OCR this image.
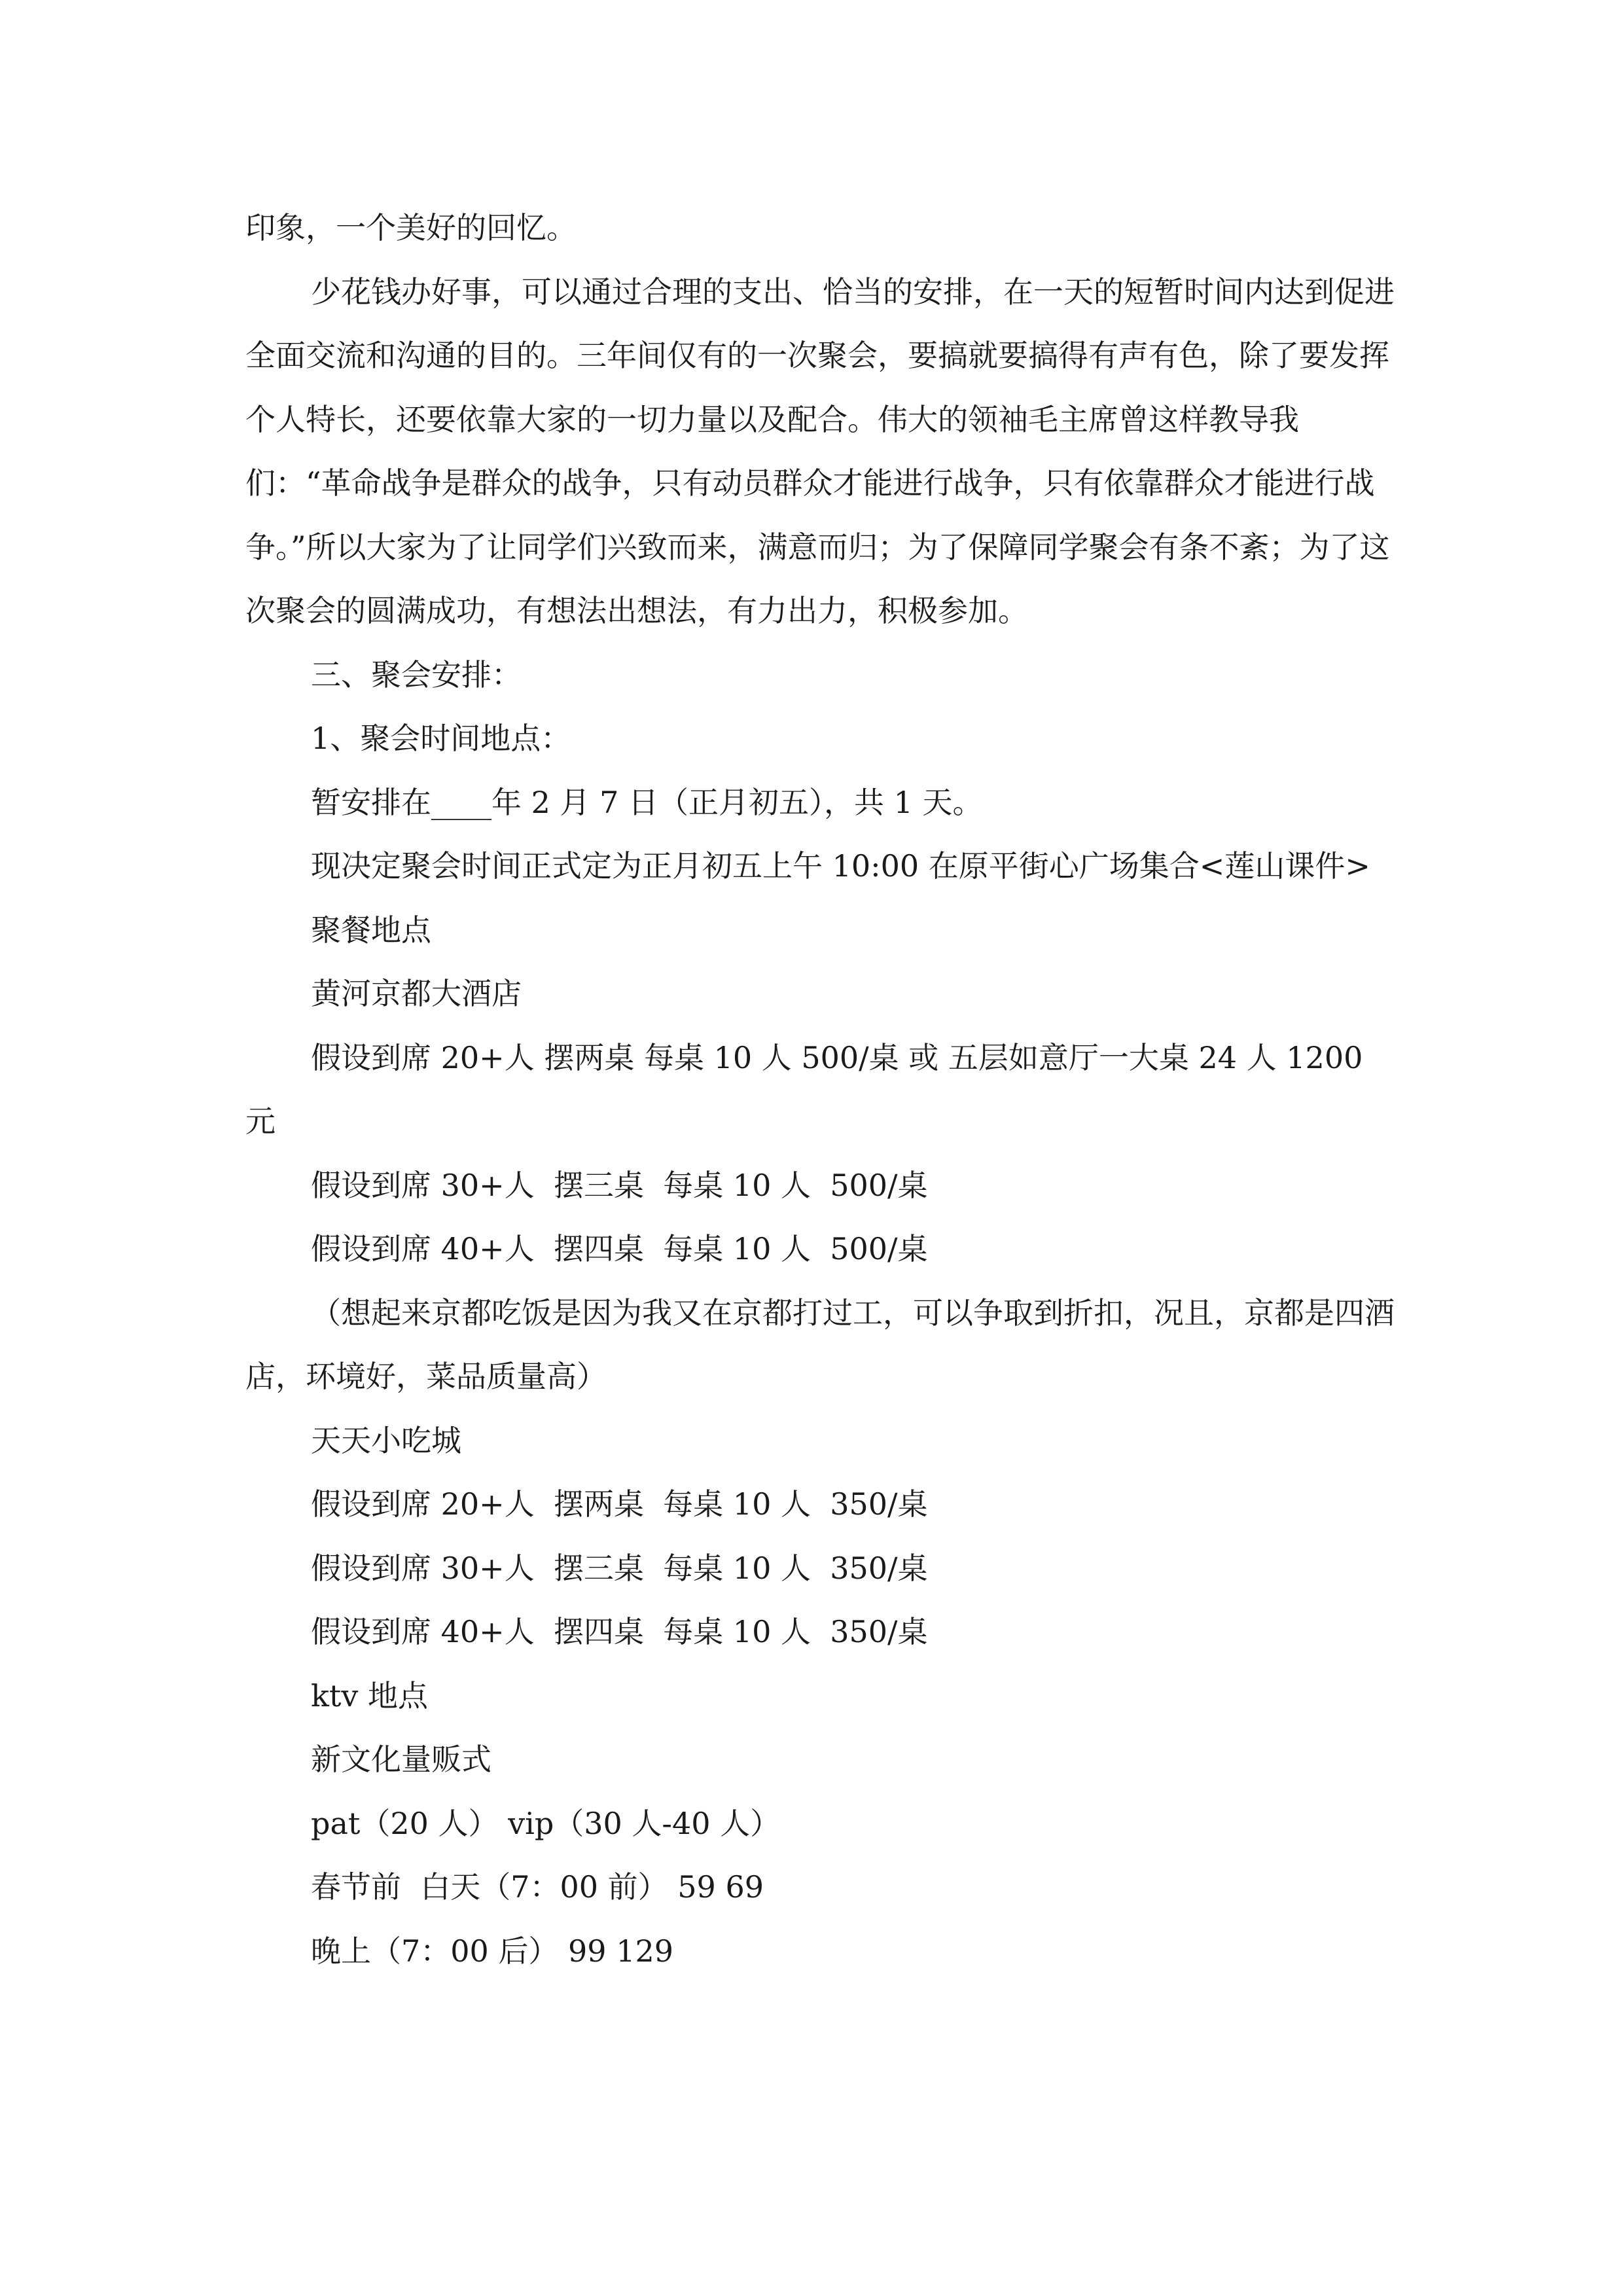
印象，一个美好的回忆。

少花钱办好事，可以通过合理的支出、恰当的安排，在一天的短暂时间内达到促进全面交流和沟通的目的。三年间仅有的一次聚会，要搞就要搞得有声有色，除了要发挥个人特长，还要依靠大家的一切力量以及配合。伟大的领袖毛主席曾这样教导我们：“革命战争是群众的战争，只有动员群众才能进行战争，只有依靠群众才能进行战争。”所以大家为了让同学们兴致而来，满意而归；为了保障同学聚会有条不紊；为了这次聚会的圆满成功，有想法出想法，有力出力，积极参加。

三、聚会安排：

1、聚会时间地点：

暂安排在____年 2 月 7 日（正月初五），共 1 天。

现决定聚会时间正式定为正月初五上午 10:00 在原平街心广场集合<莲山课件>

聚餐地点

黄河京都大酒店

假设到席 20+人 摆两桌 每桌 10 人 500/桌 或 五层如意厅一大桌 24 人 1200 元

假设到席 30+人  摆三桌  每桌 10 人  500/桌

假设到席 40+人  摆四桌  每桌 10 人  500/桌

（想起来京都吃饭是因为我又在京都打过工，可以争取到折扣，况且，京都是四酒店，环境好，菜品质量高）

天天小吃城

假设到席 20+人  摆两桌  每桌 10 人  350/桌

假设到席 30+人  摆三桌  每桌 10 人  350/桌

假设到席 40+人  摆四桌  每桌 10 人  350/桌

ktv 地点

新文化量贩式

pat（20 人） vip（30 人-40 人）

春节前  白天（7：00 前） 59 69

晚上（7：00 后） 99 129
